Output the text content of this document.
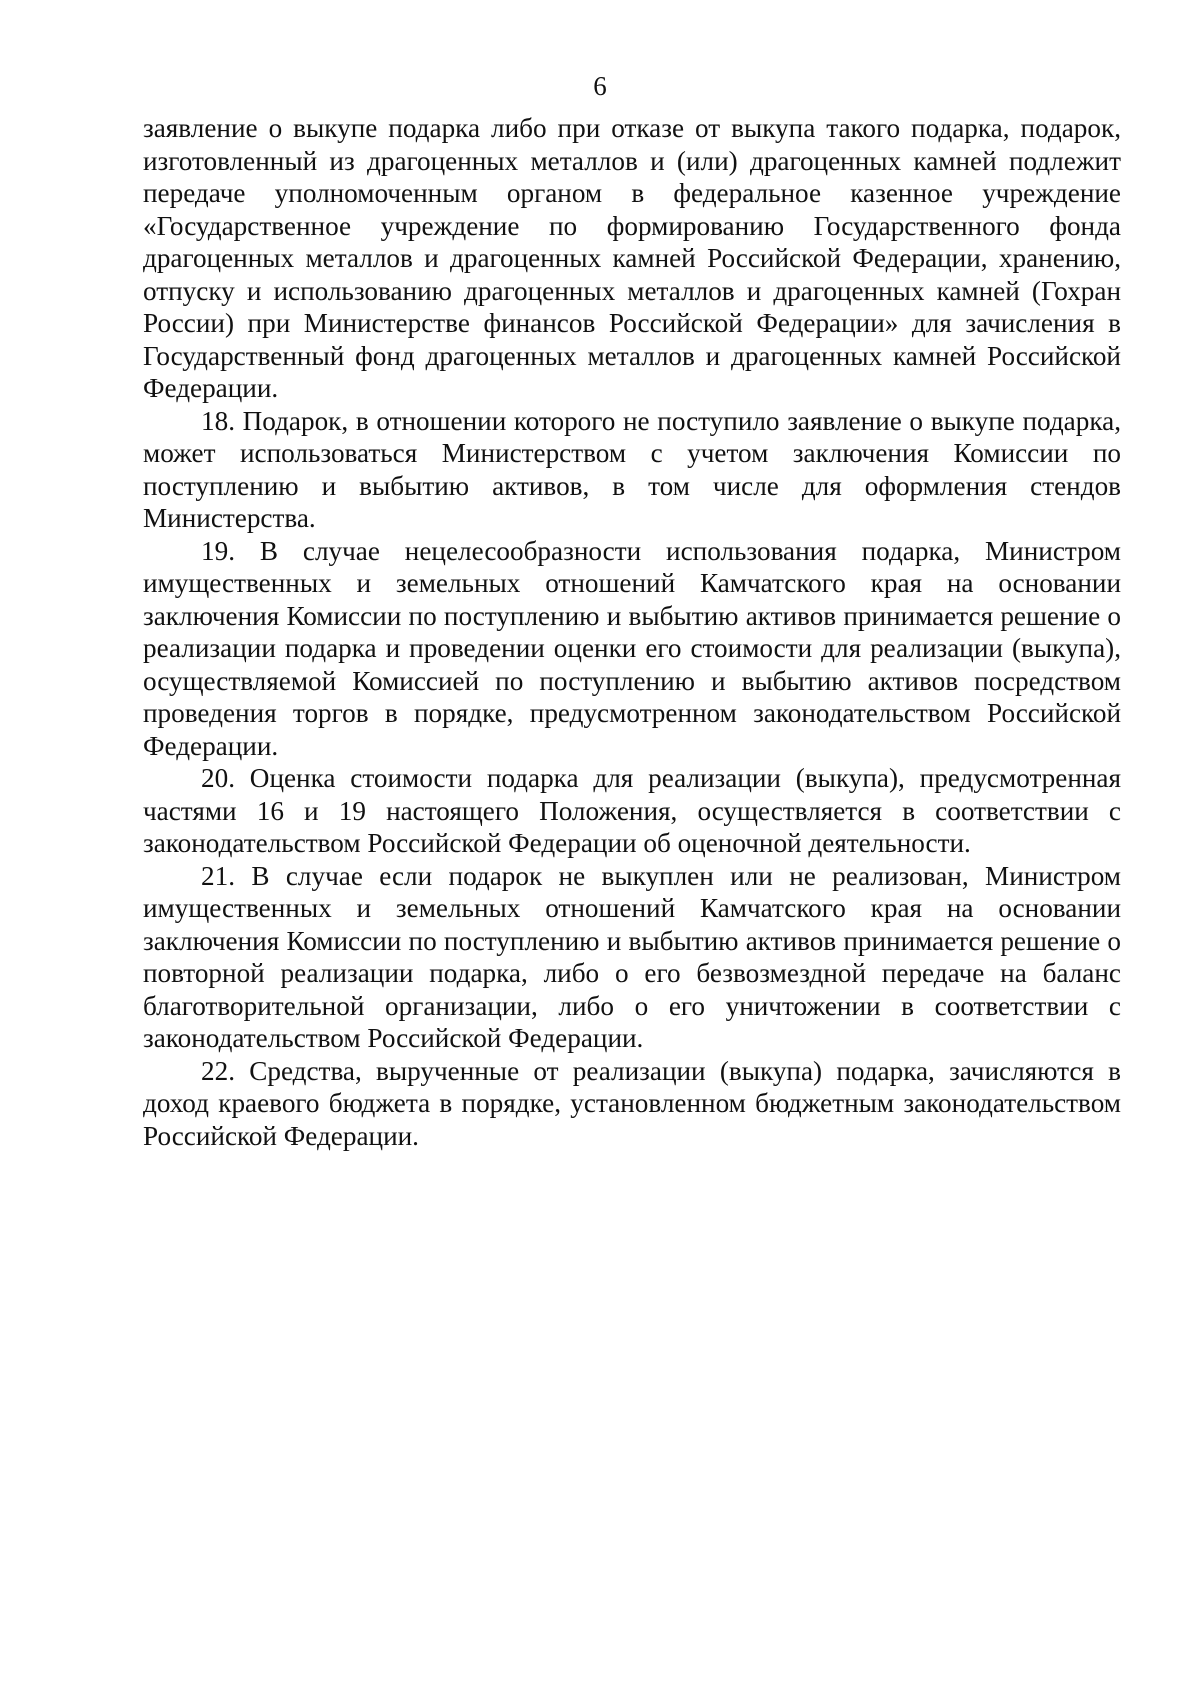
6

заявление о выкупе подарка либо при отказе от выкупа такого подарка, подарок, изготовленный из драгоценных металлов и (или) драгоценных камней подлежит передаче уполномоченным органом в федеральное казенное учреждение «Государственное учреждение по формированию Государственного фонда драгоценных металлов и драгоценных камней Российской Федерации, хранению, отпуску и использованию драгоценных металлов и драгоценных камней (Гохран России) при Министерстве финансов Российской Федерации» для зачисления в Государственный фонд драгоценных металлов и драгоценных камней Российской Федерации.

18. Подарок, в отношении которого не поступило заявление о выкупе подарка, может использоваться Министерством с учетом заключения Комиссии по поступлению и выбытию активов, в том числе для оформления стендов Министерства.

19. В случае нецелесообразности использования подарка, Министром имущественных и земельных отношений Камчатского края на основании заключения Комиссии по поступлению и выбытию активов принимается решение о реализации подарка и проведении оценки его стоимости для реализации (выкупа), осуществляемой Комиссией по поступлению и выбытию активов посредством проведения торгов в порядке, предусмотренном законодательством Российской Федерации.

20. Оценка стоимости подарка для реализации (выкупа), предусмотренная частями 16 и 19 настоящего Положения, осуществляется в соответствии с законодательством Российской Федерации об оценочной деятельности.

21. В случае если подарок не выкуплен или не реализован, Министром имущественных и земельных отношений Камчатского края на основании заключения Комиссии по поступлению и выбытию активов принимается решение о повторной реализации подарка, либо о его безвозмездной передаче на баланс благотворительной организации, либо о его уничтожении в соответствии с законодательством Российской Федерации.

22. Средства, вырученные от реализации (выкупа) подарка, зачисляются в доход краевого бюджета в порядке, установленном бюджетным законодательством Российской Федерации.
